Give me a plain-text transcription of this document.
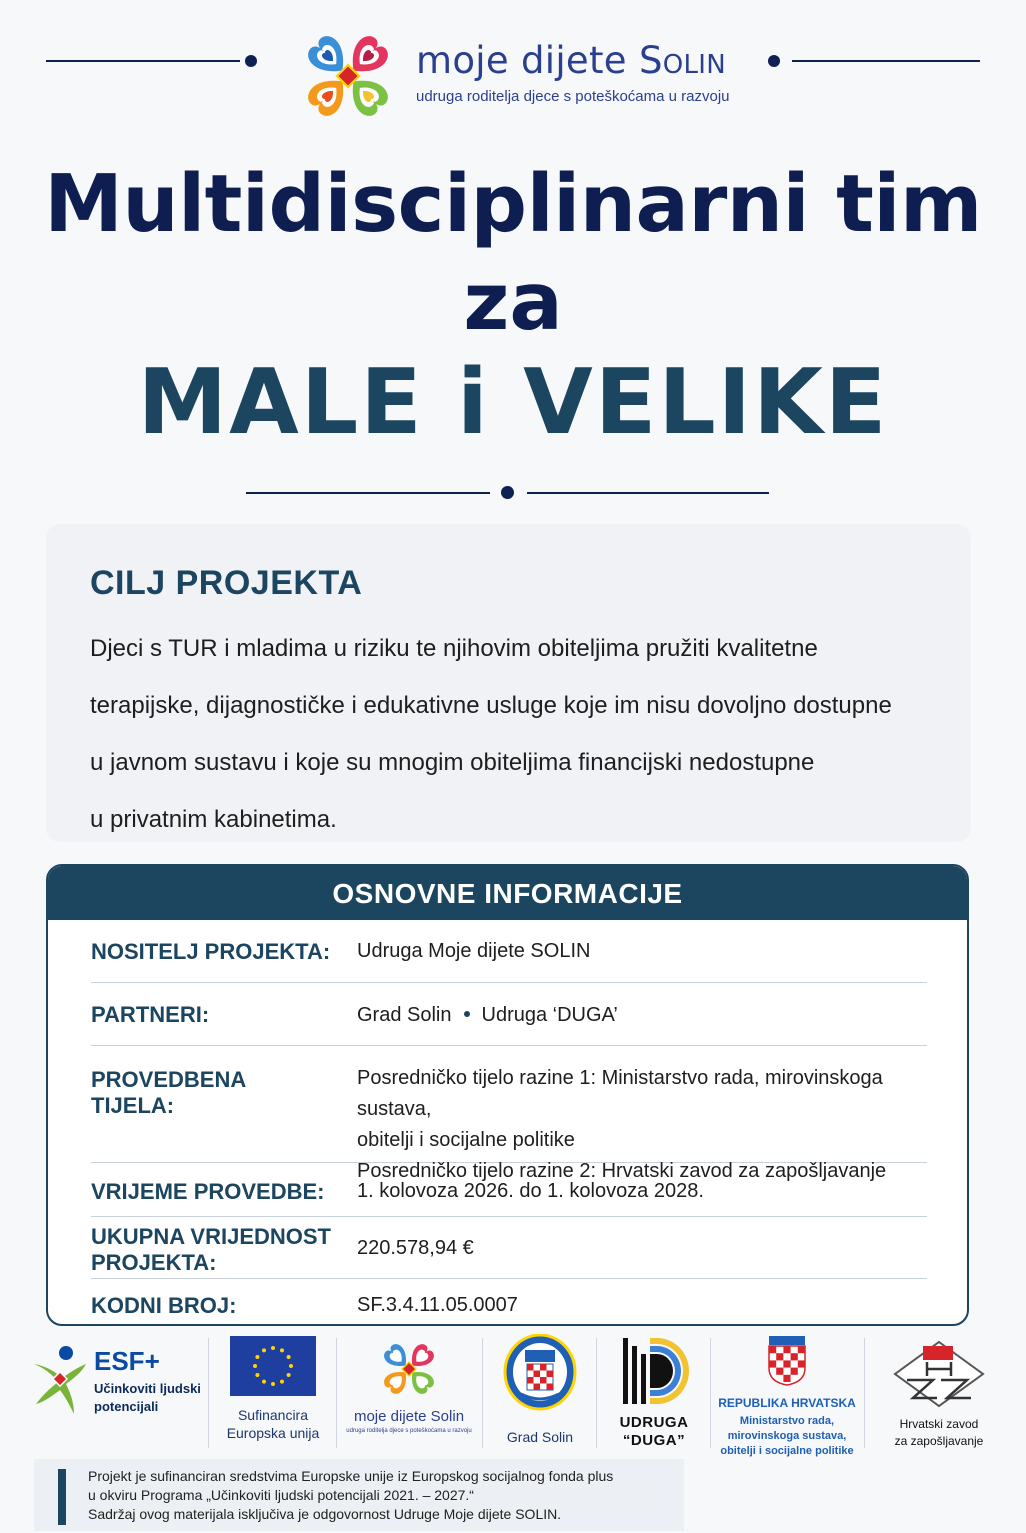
moje dijete Solin
udruga roditelja djece s poteškoćama u razvoju
Multidisciplinarni tim
za
MALE i VELIKE
CILJ PROJEKTA
Djeci s TUR i mladima u riziku te njihovim obiteljima pružiti kvalitetne
terapijske, dijagnostičke i edukativne usluge koje im nisu dovoljno dostupne
u javnom sustavu i koje su mnogim obiteljima financijski nedostupne
u privatnim kabinetima.
OSNOVNE INFORMACIJE
NOSITELJ PROJEKTA: Udruga Moje dijete SOLIN
PARTNERI:	Grad Solin Udruga ‘DUGA’
PROVEDBENA TIJELA:
Posredničko tijelo razine 1: Ministarstvo rada, mirovinskoga sustava,
obitelji i socijalne politike
Posredničko tijelo razine 2: Hrvatski zavod za zapošljavanje
VRIJEME PROVEDBE:	1. kolovoza 2026. do 1. kolovoza 2028.
UKUPNA VRIJEDNOST
PROJEKTA:
220.578,94 €
KODNI BROJ:	SF.3.4.11.05.0007
ESF+
Učinkoviti ljudski
potencijali
Sufinancira
Europska unija
moje dijete Solin
udruga roditelja djece s poteškoćama u razvoju	Grad Solin
UDRUGA
“DUGA”
REPUBLIKA HRVATSKA
Ministarstvo rada,
mirovinskoga sustava,
obitelji i socijalne politike
Hrvatski zavod
za zapošljavanje
Projekt je sufinanciran sredstvima Europske unije iz Europskog socijalnog fonda plus
u okviru Programa „Učinkoviti ljudski potencijali 2021. – 2027.“
Sadržaj ovog materijala isključiva je odgovornost Udruge Moje dijete SOLIN.
